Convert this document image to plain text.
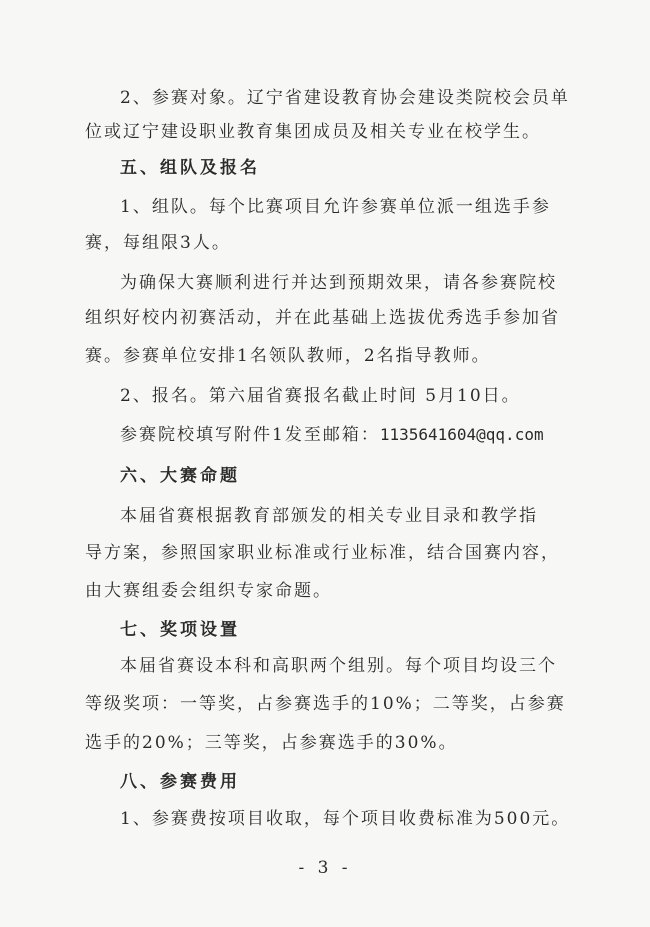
2、参赛对象。辽宁省建设教育协会建设类院校会员单
位或辽宁建设职业教育集团成员及相关专业在校学生。
五、组队及报名
1、组队。每个比赛项目允许参赛单位派一组选手参
赛，每组限3人。
为确保大赛顺利进行并达到预期效果，请各参赛院校
组织好校内初赛活动，并在此基础上选拔优秀选手参加省
赛。参赛单位安排1名领队教师，2名指导教师。
2、报名。第六届省赛报名截止时间 5月10日。
参赛院校填写附件1发至邮箱：1135641604@qq.com
六、大赛命题
本届省赛根据教育部颁发的相关专业目录和教学指
导方案，参照国家职业标准或行业标准，结合国赛内容，
由大赛组委会组织专家命题。
七、奖项设置
本届省赛设本科和高职两个组别。每个项目均设三个
等级奖项：一等奖，占参赛选手的10%；二等奖，占参赛
选手的20%；三等奖，占参赛选手的30%。
八、参赛费用
1、参赛费按项目收取，每个项目收费标准为500元。
- 3 -
